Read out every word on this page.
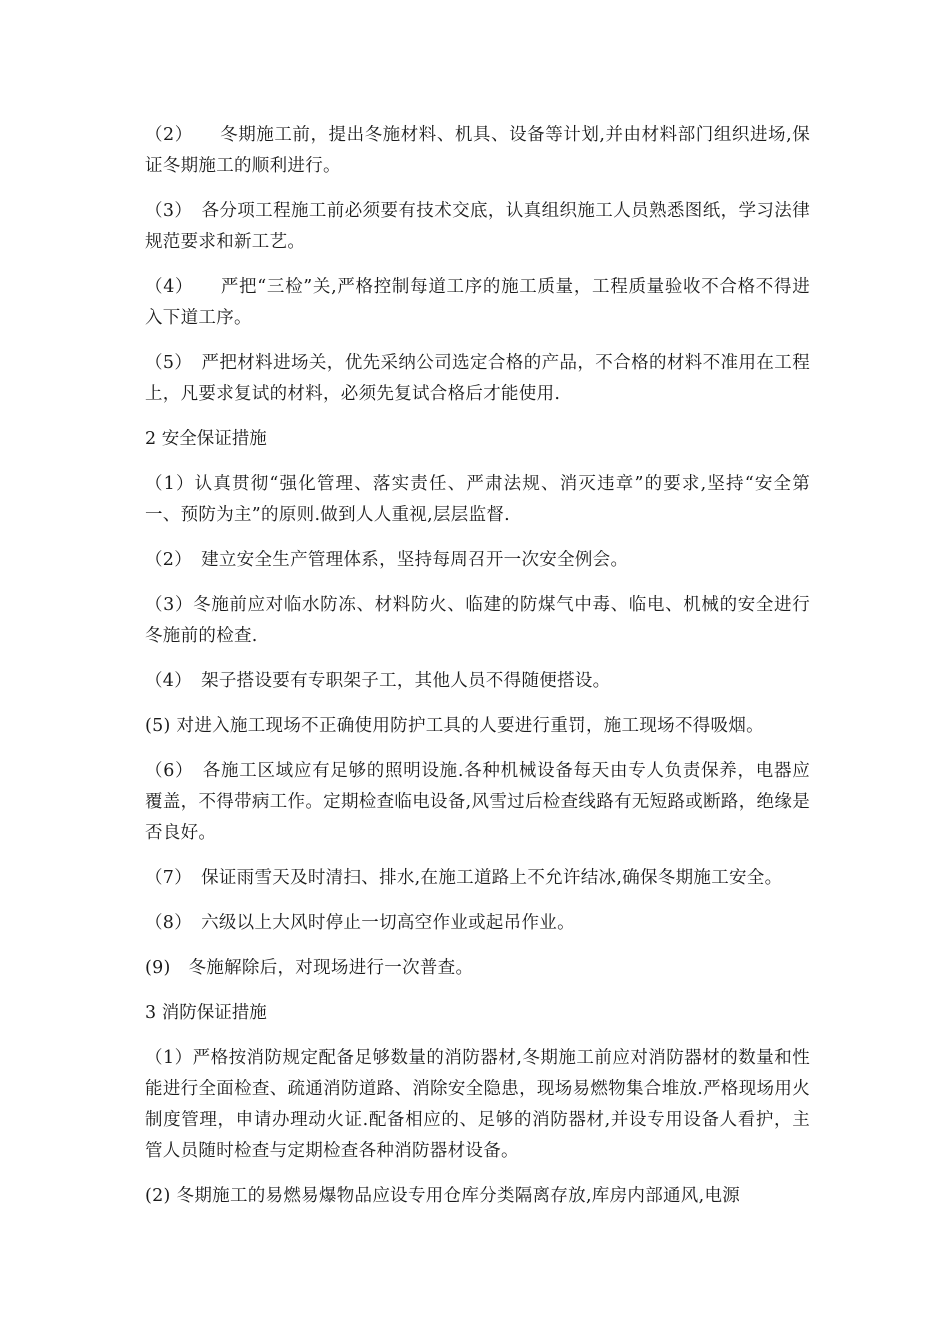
（2）　　冬期施工前，提出冬施材料、机具、设备等计划,并由材料部门组织进场,保证冬期施工的顺利进行。

（3）　各分项工程施工前必须要有技术交底，认真组织施工人员熟悉图纸，学习法律规范要求和新工艺。

（4）　　严把“三检”关,严格控制每道工序的施工质量，工程质量验收不合格不得进入下道工序。

（5）　严把材料进场关，优先采纳公司选定合格的产品，不合格的材料不准用在工程上，凡要求复试的材料，必须先复试合格后才能使用.

2 安全保证措施

（1）认真贯彻“强化管理、落实责任、严肃法规、消灭违章”的要求,坚持“安全第一、预防为主”的原则.做到人人重视,层层监督.

（2）　建立安全生产管理体系，坚持每周召开一次安全例会。

（3）冬施前应对临水防冻、材料防火、临建的防煤气中毒、临电、机械的安全进行冬施前的检查.

（4）　架子搭设要有专职架子工，其他人员不得随便搭设。

(5) 对进入施工现场不正确使用防护工具的人要进行重罚，施工现场不得吸烟。

（6）　各施工区域应有足够的照明设施.各种机械设备每天由专人负责保养，电器应覆盖，不得带病工作。定期检查临电设备,风雪过后检查线路有无短路或断路，绝缘是否良好。

（7）　保证雨雪天及时清扫、排水,在施工道路上不允许结冰,确保冬期施工安全。

（8）　六级以上大风时停止一切高空作业或起吊作业。

(9)　冬施解除后，对现场进行一次普查。

3 消防保证措施

（1）严格按消防规定配备足够数量的消防器材,冬期施工前应对消防器材的数量和性能进行全面检查、疏通消防道路、消除安全隐患，现场易燃物集合堆放.严格现场用火制度管理，申请办理动火证.配备相应的、足够的消防器材,并设专用设备人看护，主管人员随时检查与定期检查各种消防器材设备。

(2) 冬期施工的易燃易爆物品应设专用仓库分类隔离存放,库房内部通风,电源
